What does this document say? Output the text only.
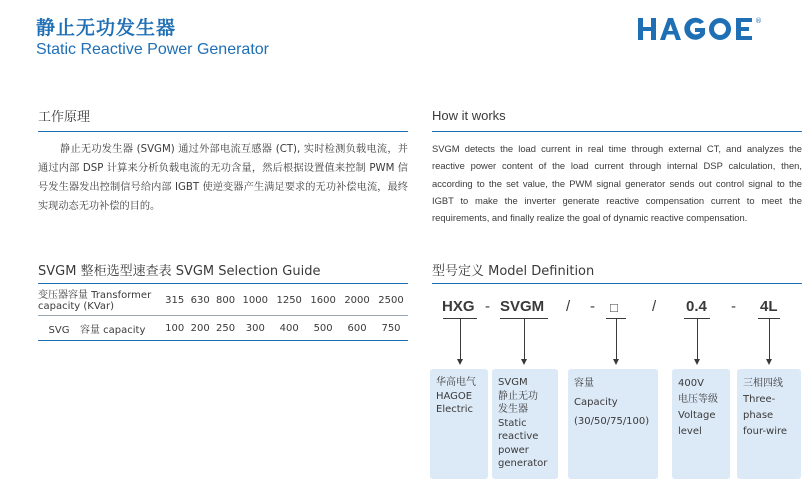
静止无功发生器
Static Reactive Power Generator
®
工作原理
静止无功发生器 (SVGM) 通过外部电流互感器 (CT), 实时检测负载电流，并通过内部 DSP 计算来分析负载电流的无功含量，然后根据设置值来控制 PWM 信号发生器发出控制信号给内部 IGBT 使逆变器产生满足要求的无功补偿电流，最终实现动态无功补偿的目的。
How it works
SVGM detects the load current in real time through external CT, and analyzes the reactive power content of the load current through internal DSP calculation, then, according to the set value, the PWM signal generator sends out control signal to the IGBT to make the inverter generate reactive compensation current to meet the requirements, and finally realize the goal of dynamic reactive compensation.
SVGM 整柜选型速查表 SVGM Selection Guide
变压器容量 Transformer capacity (KVar)	315	630	800	1000	1250	1600	2000	2500
SVG 容量 capacity	100	200	250	300	400	500	600	750
型号定义 Model Definition
HXG - SVGM / - □ / 0.4 - 4L
华高电气
HAGOE
Electric
SVGM
静止无功
发生器
Static
reactive
power
generator
容量
Capacity
(30/50/75/100)
400V
电压等级
Voltage
level
三相四线
Three-
phase
four-wire
